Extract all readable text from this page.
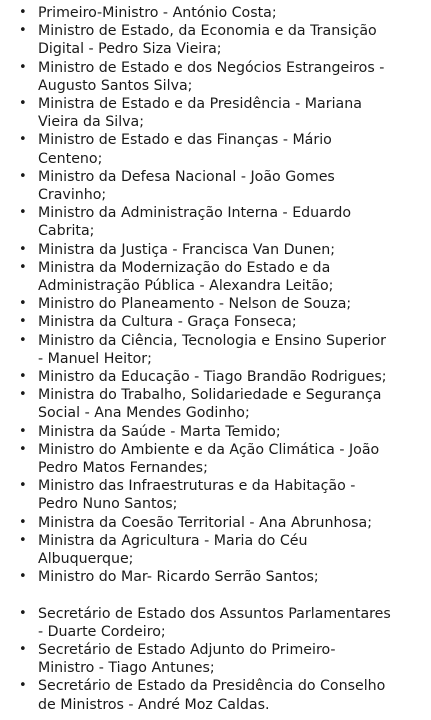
• Primeiro-Ministro - António Costa;
• Ministro de Estado, da Economia e da Transição Digital - Pedro Siza Vieira;
• Ministro de Estado e dos Negócios Estrangeiros - Augusto Santos Silva;
• Ministra de Estado e da Presidência - Mariana Vieira da Silva;
• Ministro de Estado e das Finanças - Mário Centeno;
• Ministro da Defesa Nacional - João Gomes Cravinho;
• Ministro da Administração Interna - Eduardo Cabrita;
• Ministra da Justiça - Francisca Van Dunen;
• Ministra da Modernização do Estado e da Administração Pública - Alexandra Leitão;
• Ministro do Planeamento - Nelson de Souza;
• Ministra da Cultura - Graça Fonseca;
• Ministro da Ciência, Tecnologia e Ensino Superior - Manuel Heitor;
• Ministro da Educação - Tiago Brandão Rodrigues;
• Ministra do Trabalho, Solidariedade e Segurança Social - Ana Mendes Godinho;
• Ministra da Saúde - Marta Temido;
• Ministro do Ambiente e da Ação Climática - João Pedro Matos Fernandes;
• Ministro das Infraestruturas e da Habitação - Pedro Nuno Santos;
• Ministra da Coesão Territorial - Ana Abrunhosa;
• Ministra da Agricultura - Maria do Céu Albuquerque;
• Ministro do Mar- Ricardo Serrão Santos;
• Secretário de Estado dos Assuntos Parlamentares - Duarte Cordeiro;
• Secretário de Estado Adjunto do Primeiro-Ministro - Tiago Antunes;
• Secretário de Estado da Presidência do Conselho de Ministros - André Moz Caldas.
